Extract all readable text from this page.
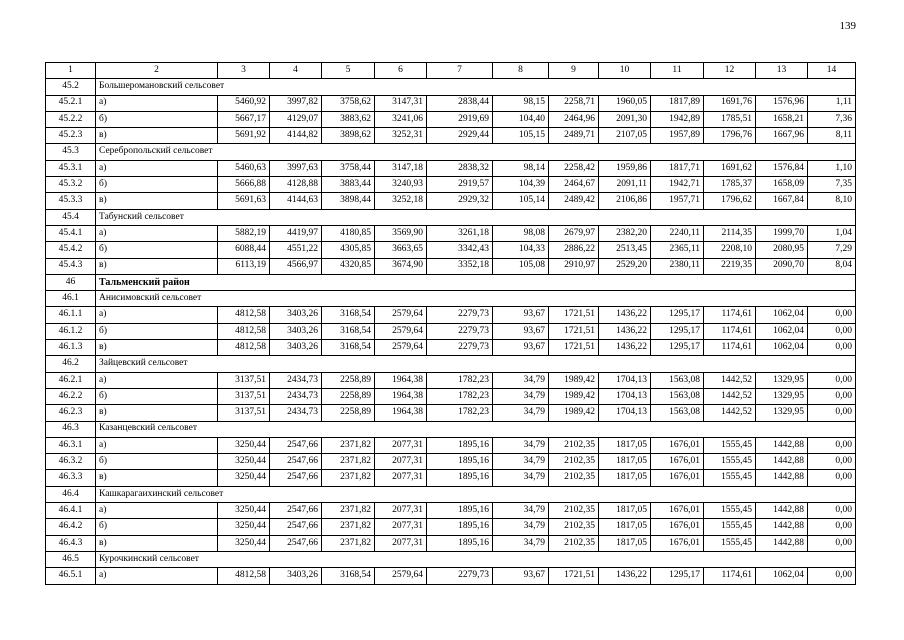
139
1	2	3	4	5	6	7	8	9	10	11	12	13	14
45.2	Большеромановский сельсовет												
45.2.1	а)	5460,92	3997,82	3758,62	3147,31	2838,44	98,15	2258,71	1960,05	1817,89	1691,76	1576,96	1,11
45.2.2	б)	5667,17	4129,07	3883,62	3241,06	2919,69	104,40	2464,96	2091,30	1942,89	1785,51	1658,21	7,36
45.2.3	в)	5691,92	4144,82	3898,62	3252,31	2929,44	105,15	2489,71	2107,05	1957,89	1796,76	1667,96	8,11
45.3	Серебропольский сельсовет												
45.3.1	а)	5460,63	3997,63	3758,44	3147,18	2838,32	98,14	2258,42	1959,86	1817,71	1691,62	1576,84	1,10
45.3.2	б)	5666,88	4128,88	3883,44	3240,93	2919,57	104,39	2464,67	2091,11	1942,71	1785,37	1658,09	7,35
45.3.3	в)	5691,63	4144,63	3898,44	3252,18	2929,32	105,14	2489,42	2106,86	1957,71	1796,62	1667,84	8,10
45.4	Табунский сельсовет												
45.4.1	а)	5882,19	4419,97	4180,85	3569,90	3261,18	98,08	2679,97	2382,20	2240,11	2114,35	1999,70	1,04
45.4.2	б)	6088,44	4551,22	4305,85	3663,65	3342,43	104,33	2886,22	2513,45	2365,11	2208,10	2080,95	7,29
45.4.3	в)	6113,19	4566,97	4320,85	3674,90	3352,18	105,08	2910,97	2529,20	2380,11	2219,35	2090,70	8,04
46	Тальменский район												
46.1	Анисимовский сельсовет												
46.1.1	а)	4812,58	3403,26	3168,54	2579,64	2279,73	93,67	1721,51	1436,22	1295,17	1174,61	1062,04	0,00
46.1.2	б)	4812,58	3403,26	3168,54	2579,64	2279,73	93,67	1721,51	1436,22	1295,17	1174,61	1062,04	0,00
46.1.3	в)	4812,58	3403,26	3168,54	2579,64	2279,73	93,67	1721,51	1436,22	1295,17	1174,61	1062,04	0,00
46.2	Зайцевский сельсовет												
46.2.1	а)	3137,51	2434,73	2258,89	1964,38	1782,23	34,79	1989,42	1704,13	1563,08	1442,52	1329,95	0,00
46.2.2	б)	3137,51	2434,73	2258,89	1964,38	1782,23	34,79	1989,42	1704,13	1563,08	1442,52	1329,95	0,00
46.2.3	в)	3137,51	2434,73	2258,89	1964,38	1782,23	34,79	1989,42	1704,13	1563,08	1442,52	1329,95	0,00
46.3	Казанцевский сельсовет												
46.3.1	а)	3250,44	2547,66	2371,82	2077,31	1895,16	34,79	2102,35	1817,05	1676,01	1555,45	1442,88	0,00
46.3.2	б)	3250,44	2547,66	2371,82	2077,31	1895,16	34,79	2102,35	1817,05	1676,01	1555,45	1442,88	0,00
46.3.3	в)	3250,44	2547,66	2371,82	2077,31	1895,16	34,79	2102,35	1817,05	1676,01	1555,45	1442,88	0,00
46.4	Кашкарагаихинский сельсовет												
46.4.1	а)	3250,44	2547,66	2371,82	2077,31	1895,16	34,79	2102,35	1817,05	1676,01	1555,45	1442,88	0,00
46.4.2	б)	3250,44	2547,66	2371,82	2077,31	1895,16	34,79	2102,35	1817,05	1676,01	1555,45	1442,88	0,00
46.4.3	в)	3250,44	2547,66	2371,82	2077,31	1895,16	34,79	2102,35	1817,05	1676,01	1555,45	1442,88	0,00
46.5	Курочкинский сельсовет												
46.5.1	а)	4812,58	3403,26	3168,54	2579,64	2279,73	93,67	1721,51	1436,22	1295,17	1174,61	1062,04	0,00
